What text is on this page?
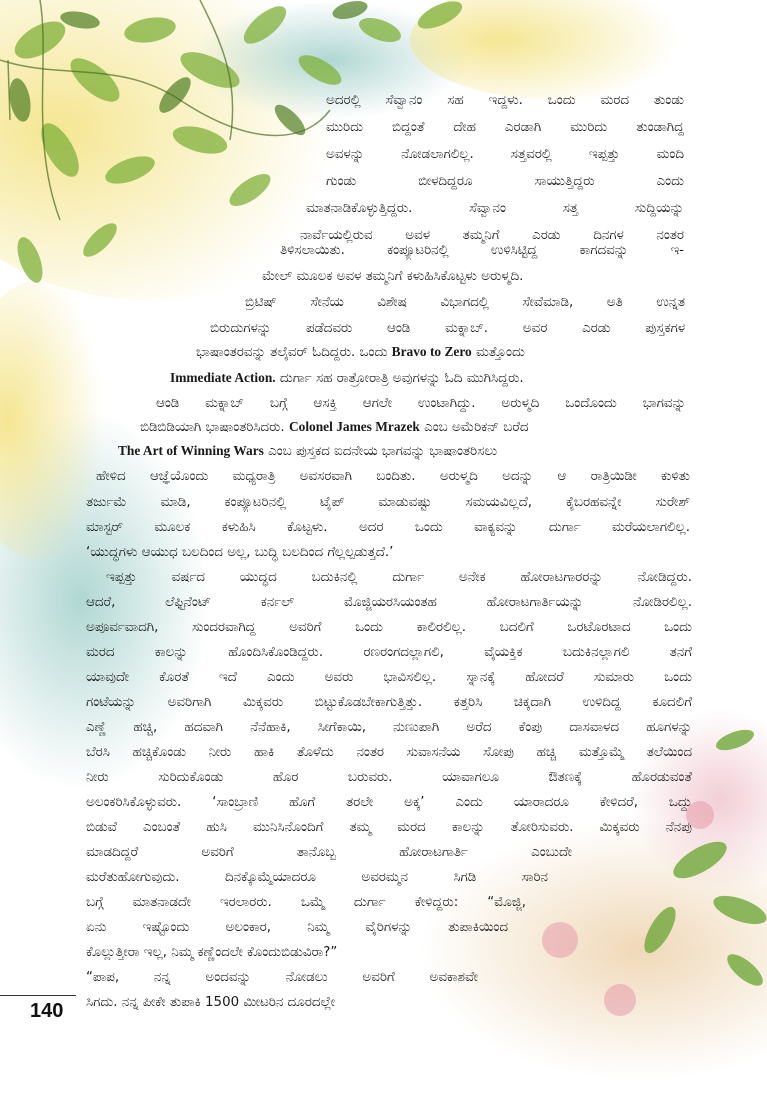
ಅದರಲ್ಲಿ ಸೆವ್ವಾನಂ ಸಹ ಇದ್ದಳು. ಒಂದು ಮರದ ತುಂಡು
ಮುರಿದು ಬಿದ್ದಂತೆ ದೇಹ ಎರಡಾಗಿ ಮುರಿದು ತುಂಡಾಗಿದ್ದ
ಅವಳನ್ನು ನೋಡಲಾಗಲಿಲ್ಲ. ಸತ್ತವರಲ್ಲಿ ಇಪ್ಪತ್ತು ಮಂದಿ
ಗುಂಡು ಬೀಳದಿದ್ದರೂ ಸಾಯುತ್ತಿದ್ದರು ಎಂದು
ಮಾತನಾಡಿಕೊಳ್ಳುತ್ತಿದ್ದರು. ಸೆವ್ವಾನಂ ಸತ್ತ ಸುದ್ದಿಯನ್ನು
ನಾರ್ವೆಯಲ್ಲಿರುವ ಅವಳ ತಮ್ಮನಿಗೆ ಎರಡು ದಿನಗಳ ನಂತರ
ತಿಳಿಸಲಾಯಿತು. ಕಂಪ್ಯೂಟರಿನಲ್ಲಿ ಉಳಿಸಿಟ್ಟಿದ್ದ ಕಾಗದವನ್ನು ಇ-
ಮೇಲ್ ಮೂಲಕ ಅವಳ ತಮ್ಮನಿಗೆ ಕಳುಹಿಸಿಕೊಟ್ಟಳು ಅರುಳ್ಮದಿ.
ಬ್ರಿಟಿಷ್ ಸೇನೆಯ ವಿಶೇಷ ವಿಭಾಗದಲ್ಲಿ ಸೇವೆಮಾಡಿ, ಅತಿ ಉನ್ನತ
ಬಿರುದುಗಳನ್ನು ಪಡೆದವರು ಆಂಡಿ ಮಕ್ನಾಬ್. ಅವರ ಎರಡು ಪುಸ್ತಕಗಳ
ಭಾಷಾಂತರವನ್ನು ತಲೈವರ್ ಓದಿದ್ದರು. ಒಂದು Bravo to Zero ಮತ್ತೊಂದು
Immediate Action. ದುರ್ಗಾ ಸಹ ರಾತ್ರೋರಾತ್ರಿ ಅವುಗಳನ್ನು ಓದಿ ಮುಗಿಸಿದ್ದರು.
ಆಂಡಿ ಮಕ್ನಾಬ್ ಬಗ್ಗೆ ಆಸಕ್ತಿ ಆಗಲೇ ಉಂಟಾಗಿದ್ದು. ಅರುಳ್ಮದಿ ಒಂದೊಂದು ಭಾಗವನ್ನು
ಬಿಡಿಬಿಡಿಯಾಗಿ ಭಾಷಾಂತರಿಸಿದರು. Colonel James Mrazek ಎಂಬ ಅಮೆರಿಕನ್ ಬರೆದ
The Art of Winning Wars ಎಂಬ ಪುಸ್ತಕದ ಐದನೇಯ ಭಾಗವನ್ನು ಭಾಷಾಂತರಿಸಲು
ಹೇಳಿದ ಆಜ್ಞೆಯೊಂದು ಮಧ್ಯರಾತ್ರಿ ಅವಸರವಾಗಿ ಬಂದಿತು. ಅರುಳ್ಮದಿ ಅದನ್ನು ಆ ರಾತ್ರಿಯಿಡೀ ಕುಳಿತು
ತರ್ಜುಮೆ ಮಾಡಿ, ಕಂಪ್ಯೂಟರಿನಲ್ಲಿ ಟೈಪ್ ಮಾಡುವಷ್ಟು ಸಮಯವಿಲ್ಲದೆ, ಕೈಬರಹವನ್ನೇ ಸುರೇಶ್
ಮಾಸ್ಟರ್ ಮೂಲಕ ಕಳುಹಿಸಿ ಕೊಟ್ಟಳು. ಅದರ ಒಂದು ವಾಕ್ಯವನ್ನು ದುರ್ಗಾ ಮರೆಯಲಾಗಲಿಲ್ಲ.
‘ಯುದ್ಧಗಳು ಆಯುಧ ಬಲದಿಂದ ಅಲ್ಲ, ಬುದ್ಧಿ ಬಲದಿಂದ ಗೆಲ್ಲಲ್ಪಡುತ್ತದೆ.’
ಇಪ್ಪತ್ತು ವರ್ಷದ ಯುದ್ಧದ ಬದುಕಿನಲ್ಲಿ ದುರ್ಗಾ ಅನೇಕ ಹೋರಾಟಗಾರರನ್ನು ನೋಡಿದ್ದರು.
ಆದರೆ, ಲೆಫ್ಟಿನೆಂಟ್ ಕರ್ನಲ್ ಮೊಜ್ಜಿಯರಸಿಯಂತಹ ಹೋರಾಟಗಾರ್ತಿಯನ್ನು ನೋಡಿರಲಿಲ್ಲ.
ಅಪೂರ್ವವಾದಗಿ, ಸುಂದರವಾಗಿದ್ದ ಅವರಿಗೆ ಒಂದು ಕಾಲಿರಲಿಲ್ಲ. ಬದಲಿಗೆ ಒರಟೊರಟಾದ ಒಂದು
ಮರದ ಕಾಲನ್ನು ಹೊಂದಿಸಿಕೊಂಡಿದ್ದರು. ರಣರಂಗದಲ್ಲಾಗಲಿ, ವೈಯಕ್ತಿಕ ಬದುಕಿನಲ್ಲಾಗಲಿ ತನಗೆ
ಯಾವುದೇ ಕೊರತೆ ಇದೆ ಎಂದು ಅವರು ಭಾವಿಸಲಿಲ್ಲ. ಸ್ನಾನಕ್ಕೆ ಹೋದರೆ ಸುಮಾರು ಒಂದು
ಗಂಟೆಯನ್ನು ಅವರಿಗಾಗಿ ಮಿಕ್ಕವರು ಬಿಟ್ಟುಕೊಡಬೇಕಾಗುತ್ತಿತ್ತು. ಕತ್ತರಿಸಿ ಚಿಕ್ಕದಾಗಿ ಉಳಿದಿದ್ದ ಕೂದಲಿಗೆ
ಎಣ್ಣೆ ಹಚ್ಚಿ, ಹದವಾಗಿ ನೆನೆಹಾಕಿ, ಸೀಗೆಕಾಯಿ, ನುಣುಪಾಗಿ ಅರೆದ ಕೆಂಪು ದಾಸವಾಳದ ಹೂಗಳನ್ನು
ಬೆರಸಿ ಹಚ್ಚಿಕೊಂಡು ನೀರು ಹಾಕಿ ತೊಳೆದು ನಂತರ ಸುವಾಸನೆಯ ಸೋಪು ಹಚ್ಚಿ ಮತ್ತೊಮ್ಮೆ ತಲೆಯಿಂದ
ನೀರು ಸುರಿದುಕೊಂಡು ಹೊರ ಬರುವರು. ಯಾವಾಗಲೂ ಔತಣಕ್ಕೆ ಹೊರಡುವಂತೆ
ಅಲಂಕರಿಸಿಕೊಳ್ಳುವರು. ‘ಸಾಂಬ್ರಾಣಿ ಹೊಗೆ ತರಲೇ ಅಕ್ಕ’ ಎಂದು ಯಾರಾದರೂ ಕೇಳಿದರೆ, ಒದ್ದು
ಬಿಡುವೆ ಎಂಬಂತೆ ಹುಸಿ ಮುನಿಸಿನೊಂದಿಗೆ ತಮ್ಮ ಮರದ ಕಾಲನ್ನು ತೋರಿಸುವರು. ಮಿಕ್ಕವರು ನೆನಪು
ಮಾಡದಿದ್ದರೆ ಅವರಿಗೆ ತಾನೊಬ್ಬ ಹೋರಾಟಗಾರ್ತಿ ಎಂಬುದೇ
ಮರೆತುಹೋಗುವುದು. ದಿನಕ್ಕೊಮ್ಮೆಯಾದರೂ ಅವರಮ್ಮನ ಸಿಗಡಿ ಸಾರಿನ
ಬಗ್ಗೆ ಮಾತನಾಡದೇ ಇರಲಾರರು. ಒಮ್ಮೆ ದುರ್ಗಾ ಕೇಳಿದ್ದರು: “ಮೊಜ್ಜಿ,
ಏನು ಇಷ್ಟೊಂದು ಅಲಂಕಾರ, ನಿಮ್ಮ ವೈರಿಗಳನ್ನು ತುಪಾಕಿಯಿಂದ
ಕೊಲ್ಲುತ್ತೀರಾ ಇಲ್ಲ, ನಿಮ್ಮ ಕಣ್ಣೆಂದಲೇ ಕೊಂದುಬಿಡುವಿರಾ?”
“ಪಾಪ, ನನ್ನ ಅಂದವನ್ನು ನೋಡಲು ಅವರಿಗೆ ಅವಕಾಶವೇ
ಸಿಗದು. ನನ್ನ ಪೀಕೇ ತುಪಾಕಿ 1500 ಮೀಟರಿನ ದೂರದಲ್ಲೇ
140
